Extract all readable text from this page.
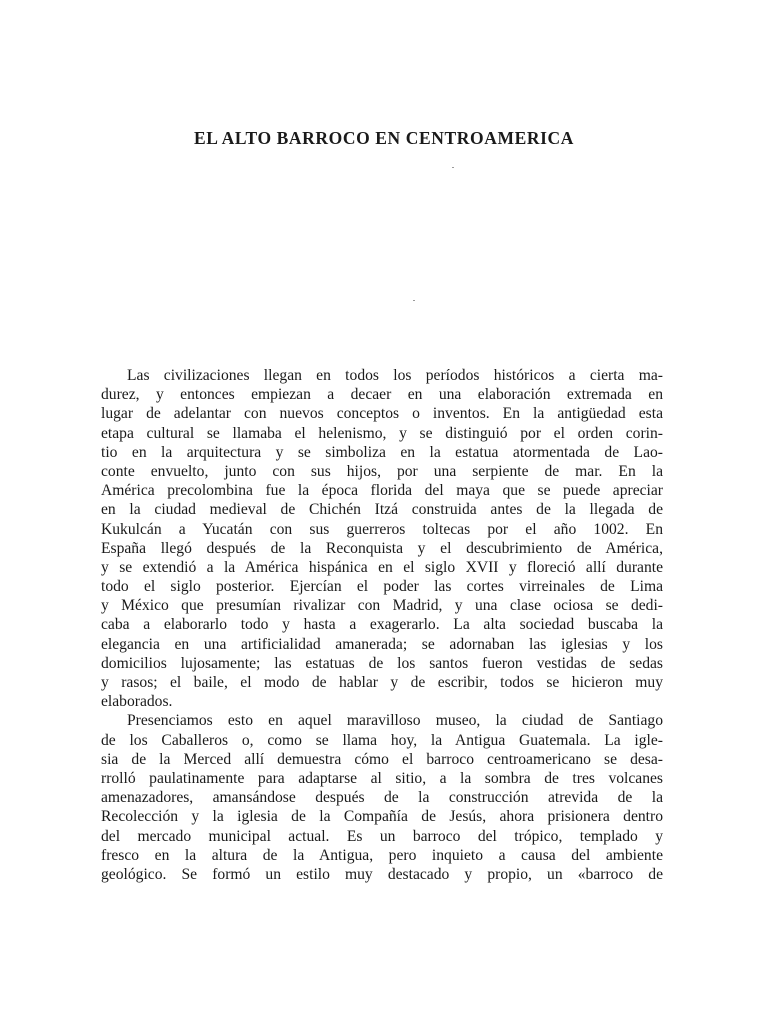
EL ALTO BARROCO EN CENTROAMERICA
Las civilizaciones llegan en todos los períodos históricos a cierta ma-
durez, y entonces empiezan a decaer en una elaboración extremada en
lugar de adelantar con nuevos conceptos o inventos. En la antigüedad esta
etapa cultural se llamaba el helenismo, y se distinguió por el orden corin-
tio en la arquitectura y se simboliza en la estatua atormentada de Lao-
conte envuelto, junto con sus hijos, por una serpiente de mar. En la
América precolombina fue la época florida del maya que se puede apreciar
en la ciudad medieval de Chichén Itzá construida antes de la llegada de
Kukulcán a Yucatán con sus guerreros toltecas por el año 1002. En
España llegó después de la Reconquista y el descubrimiento de América,
y se extendió a la América hispánica en el siglo XVII y floreció allí durante
todo el siglo posterior. Ejercían el poder las cortes virreinales de Lima
y México que presumían rivalizar con Madrid, y una clase ociosa se dedi-
caba a elaborarlo todo y hasta a exagerarlo. La alta sociedad buscaba la
elegancia en una artificialidad amanerada; se adornaban las iglesias y los
domicilios lujosamente; las estatuas de los santos fueron vestidas de sedas
y rasos; el baile, el modo de hablar y de escribir, todos se hicieron muy
elaborados.
Presenciamos esto en aquel maravilloso museo, la ciudad de Santiago
de los Caballeros o, como se llama hoy, la Antigua Guatemala. La igle-
sia de la Merced allí demuestra cómo el barroco centroamericano se desa-
rrolló paulatinamente para adaptarse al sitio, a la sombra de tres volcanes
amenazadores, amansándose después de la construcción atrevida de la
Recolección y la iglesia de la Compañía de Jesús, ahora prisionera dentro
del mercado municipal actual. Es un barroco del trópico, templado y
fresco en la altura de la Antigua, pero inquieto a causa del ambiente
geológico. Se formó un estilo muy destacado y propio, un «barroco de
